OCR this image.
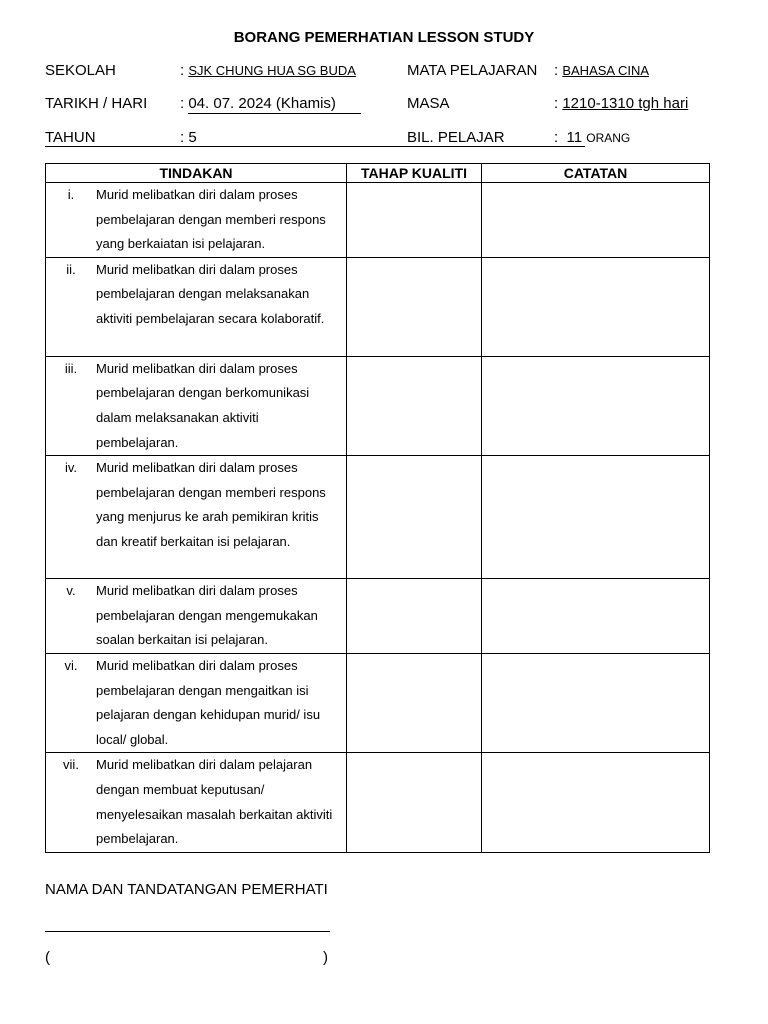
BORANG PEMERHATIAN LESSON STUDY
SEKOLAH	: SJK CHUNG HUA SG BUDA	MATA PELAJARAN : BAHASA CINA
TARIKH / HARI : 04. 07. 2024 (Khamis)	MASA	: 1210-1310 tgh hari
TAHUN	: 5	BIL. PELAJAR	:  11 ORANG
TINDAKAN	TAHAP KUALITI	CATATAN

i. Murid melibatkan diri dalam proses pembelajaran dengan memberi respons yang berkaiatan isi pelajaran.		

ii. Murid melibatkan diri dalam proses pembelajaran dengan melaksanakan aktiviti pembelajaran secara kolaboratif.		

iii. Murid melibatkan diri dalam proses pembelajaran dengan berkomunikasi dalam melaksanakan aktiviti pembelajaran.		

iv. Murid melibatkan diri dalam proses pembelajaran dengan memberi respons yang menjurus ke arah pemikiran kritis dan kreatif berkaitan isi pelajaran.		

v. Murid melibatkan diri dalam proses pembelajaran dengan mengemukakan soalan berkaitan isi pelajaran.		

vi. Murid melibatkan diri dalam proses pembelajaran dengan mengaitkan isi pelajaran dengan kehidupan murid/ isu local/ global.		

vii. Murid melibatkan diri dalam pelajaran dengan membuat keputusan/ menyelesaikan masalah berkaitan aktiviti pembelajaran.		

NAMA DAN TANDATANGAN PEMERHATI
(	)
